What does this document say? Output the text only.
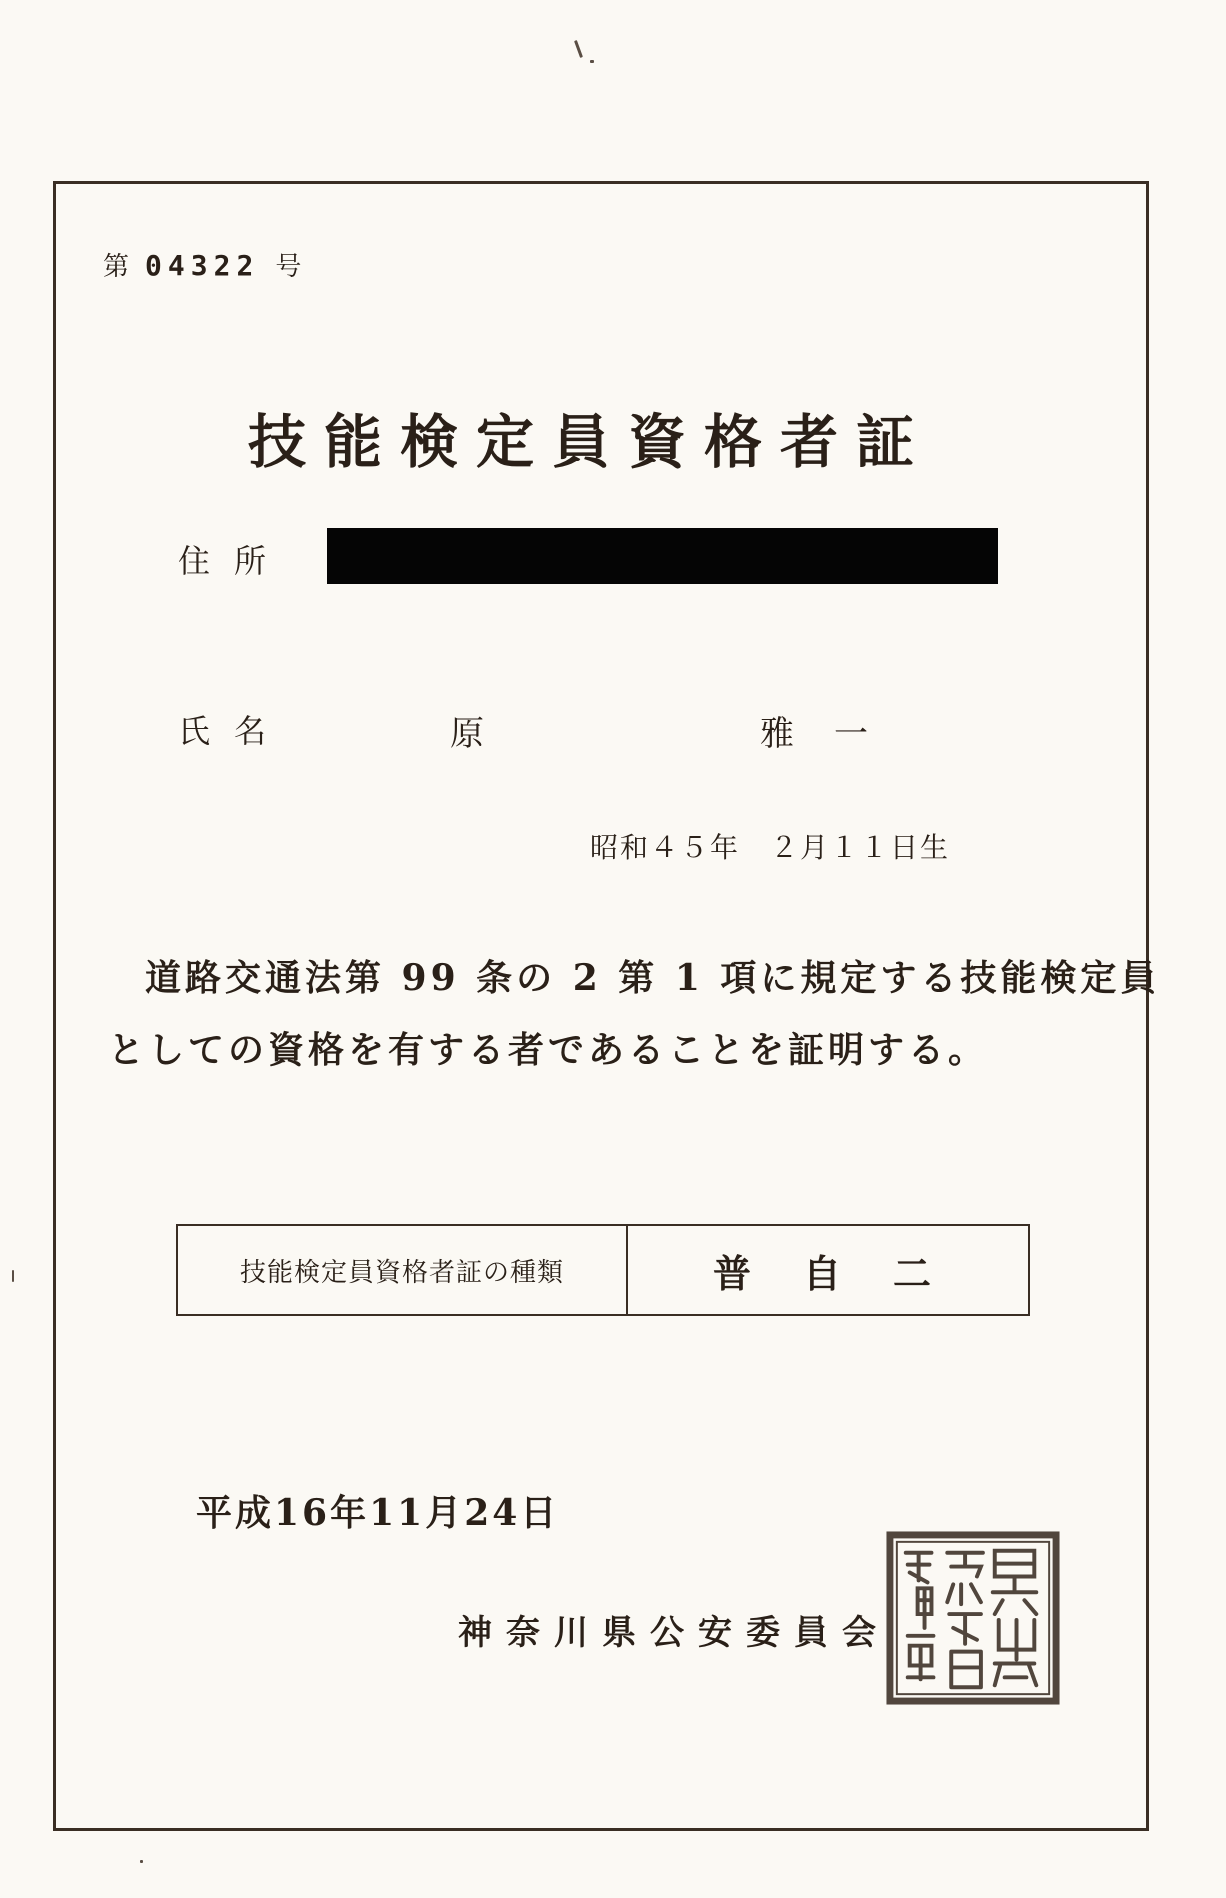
第 04322 号
技能検定員資格者証
住所
氏名	原	雅一
昭和４５年　２月１１日生
道路交通法第 99 条の 2 第 1 項に規定する技能検定員
としての資格を有する者であることを証明する。
技能検定員資格者証の種類	普自二
平成16年11月24日
神奈川県公安委員会
